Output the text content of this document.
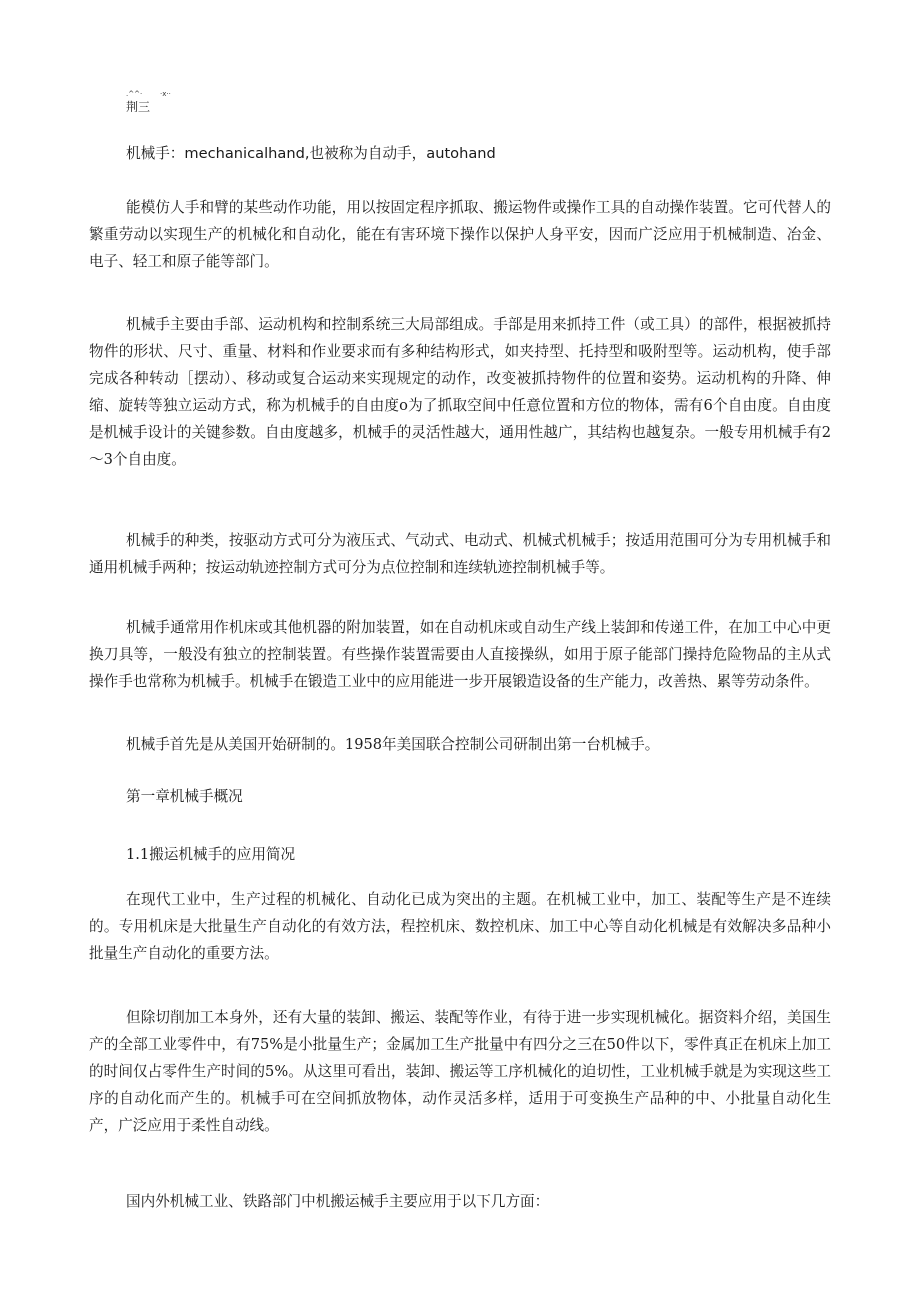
.^^·        ·x··
荆三

机械手：mechanicalhand,也被称为自动手，autohand

能模仿人手和臂的某些动作功能，用以按固定程序抓取、搬运物件或操作工具的自动操作装置。它可代替人的繁重劳动以实现生产的机械化和自动化，能在有害环境下操作以保护人身平安，因而广泛应用于机械制造、冶金、电子、轻工和原子能等部门。

机械手主要由手部、运动机构和控制系统三大局部组成。手部是用来抓持工件（或工具）的部件，根据被抓持物件的形状、尺寸、重量、材料和作业要求而有多种结构形式，如夹持型、托持型和吸附型等。运动机构，使手部完成各种转动［摆动）、移动或复合运动来实现规定的动作，改变被抓持物件的位置和姿势。运动机构的升降、伸缩、旋转等独立运动方式，称为机械手的自由度o为了抓取空间中任意位置和方位的物体，需有6个自由度。自由度是机械手设计的关键参数。自由度越多，机械手的灵活性越大，通用性越广，其结构也越复杂。一般专用机械手有2～3个自由度。

机械手的种类，按驱动方式可分为液压式、气动式、电动式、机械式机械手；按适用范围可分为专用机械手和通用机械手两种；按运动轨迹控制方式可分为点位控制和连续轨迹控制机械手等。

机械手通常用作机床或其他机器的附加装置，如在自动机床或自动生产线上装卸和传递工件，在加工中心中更换刀具等，一般没有独立的控制装置。有些操作装置需要由人直接操纵，如用于原子能部门操持危险物品的主从式操作手也常称为机械手。机械手在锻造工业中的应用能进一步开展锻造设备的生产能力，改善热、累等劳动条件。

机械手首先是从美国开始研制的。1958年美国联合控制公司研制出第一台机械手。

第一章机械手概况

1.1搬运机械手的应用简况

在现代工业中，生产过程的机械化、自动化已成为突出的主题。在机械工业中，加工、装配等生产是不连续的。专用机床是大批量生产自动化的有效方法，程控机床、数控机床、加工中心等自动化机械是有效解决多品种小批量生产自动化的重要方法。

但除切削加工本身外，还有大量的装卸、搬运、装配等作业，有待于进一步实现机械化。据资料介绍，美国生产的全部工业零件中，有75%是小批量生产；金属加工生产批量中有四分之三在50件以下，零件真正在机床上加工的时间仅占零件生产时间的5%。从这里可看出，装卸、搬运等工序机械化的迫切性，工业机械手就是为实现这些工序的自动化而产生的。机械手可在空间抓放物体，动作灵活多样，适用于可变换生产品种的中、小批量自动化生产，广泛应用于柔性自动线。

国内外机械工业、铁路部门中机搬运械手主要应用于以下几方面：
